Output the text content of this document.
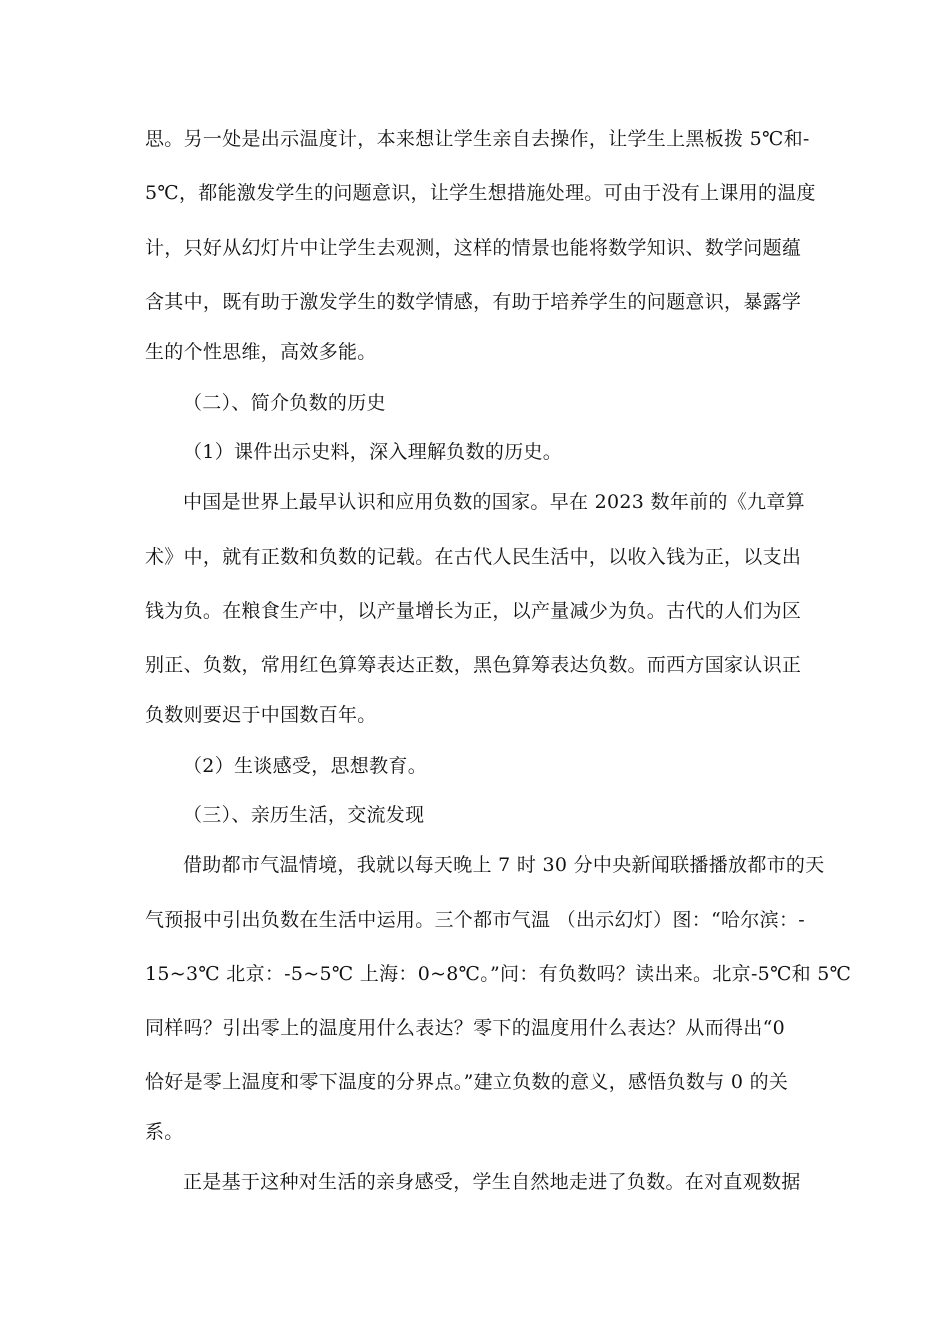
思。另一处是出示温度计，本来想让学生亲自去操作，让学生上黑板拨 5℃和-
5℃，都能激发学生的问题意识，让学生想措施处理。可由于没有上课用的温度
计，只好从幻灯片中让学生去观测，这样的情景也能将数学知识、数学问题蕴
含其中，既有助于激发学生的数学情感，有助于培养学生的问题意识，暴露学
生的个性思维，高效多能。
（二）、简介负数的历史
（1）课件出示史料，深入理解负数的历史。
中国是世界上最早认识和应用负数的国家。早在 2023 数年前的《九章算
术》中，就有正数和负数的记载。在古代人民生活中，以收入钱为正，以支出
钱为负。在粮食生产中，以产量增长为正，以产量减少为负。古代的人们为区
别正、负数，常用红色算筹表达正数，黑色算筹表达负数。而西方国家认识正
负数则要迟于中国数百年。
（2）生谈感受，思想教育。
（三）、亲历生活，交流发现
借助都市气温情境，我就以每天晚上 7 时 30 分中央新闻联播播放都市的天
气预报中引出负数在生活中运用。三个都市气温 （出示幻灯）图：“哈尔滨：-
15~3℃ 北京：-5~5℃ 上海：0~8℃。”问：有负数吗？读出来。北京-5℃和 5℃
同样吗？引出零上的温度用什么表达？零下的温度用什么表达？从而得出“0
恰好是零上温度和零下温度的分界点。”建立负数的意义，感悟负数与 0 的关
系。
正是基于这种对生活的亲身感受，学生自然地走进了负数。在对直观数据
